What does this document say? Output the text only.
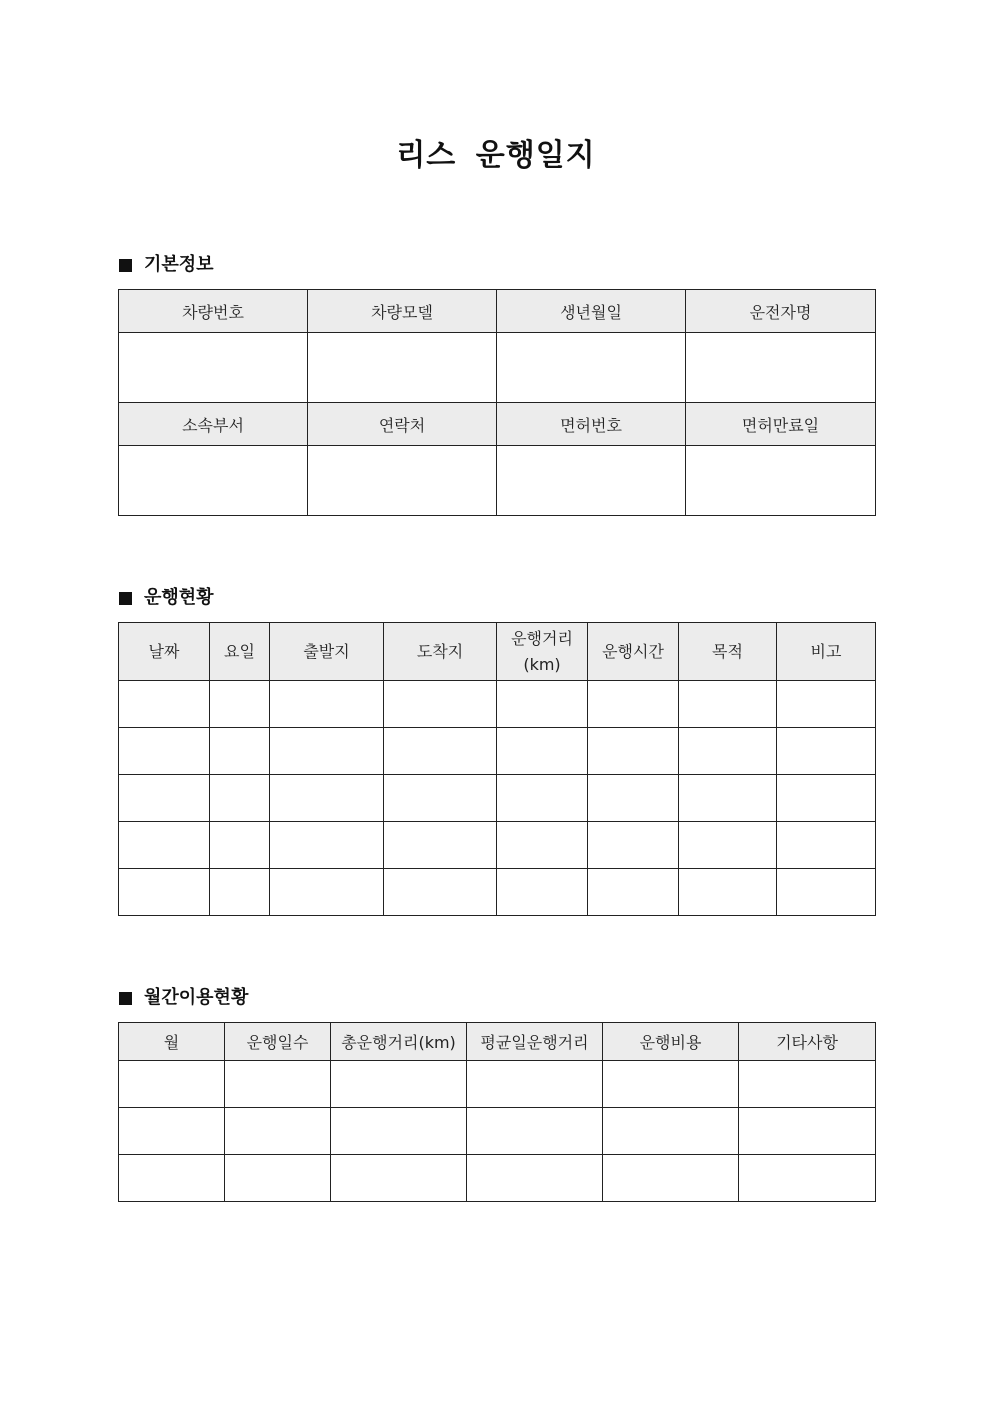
리스 운행일지
기본정보
차량번호	차량모델	생년월일	운전자명

소속부서	연락처	면허번호	면허만료일

운행현황
날짜	요일	출발지	도착지	운행거리(km)	운행시간	목적	비고

월간이용현황
월	운행일수	총운행거리(km)	평균일운행거리	운행비용	기타사항
